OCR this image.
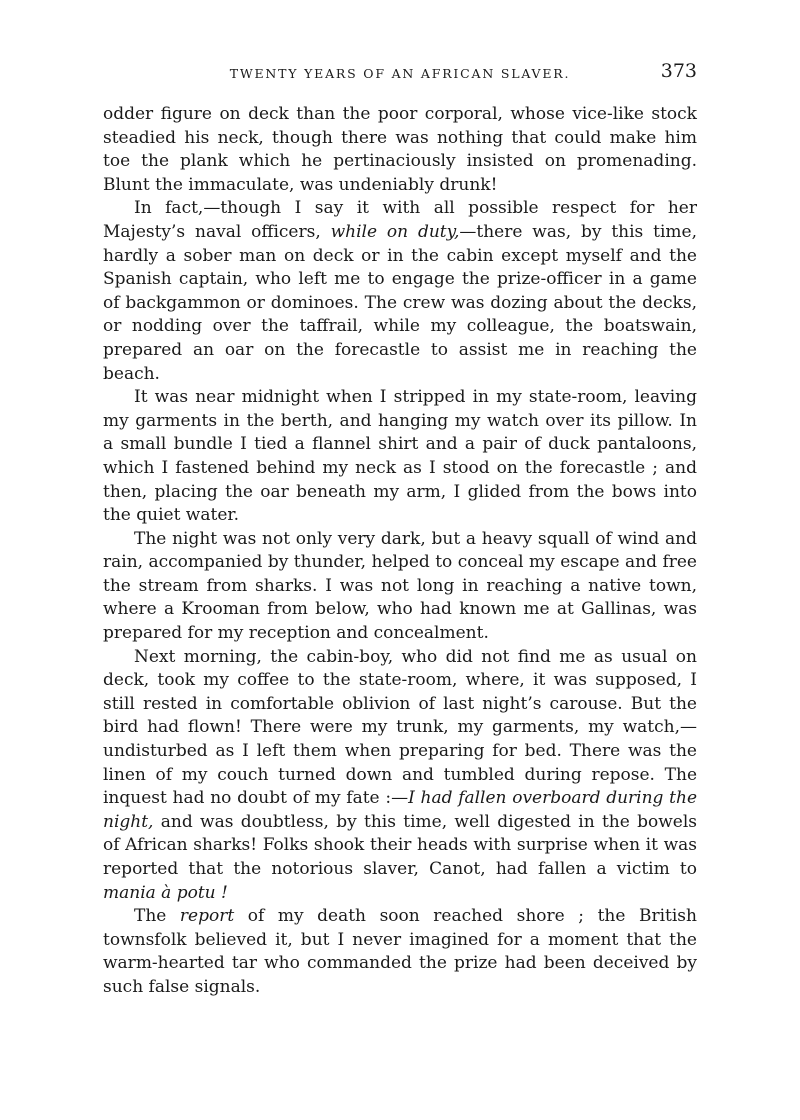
TWENTY YEARS OF AN AFRICAN SLAVER.	373

odder figure on deck than the poor corporal, whose vice-like stock steadied his neck, though there was nothing that could make him toe the plank which he pertinaciously insisted on promenading. Blunt the immaculate, was undeniably drunk!

In fact,—though I say it with all possible respect for her Majesty’s naval officers, while on duty,—there was, by this time, hardly a sober man on deck or in the cabin except myself and the Spanish captain, who left me to engage the prize-officer in a game of backgammon or dominoes. The crew was dozing about the decks, or nodding over the taffrail, while my colleague, the boatswain, prepared an oar on the forecastle to assist me in reaching the beach.

It was near midnight when I stripped in my state-room, leaving my garments in the berth, and hanging my watch over its pillow. In a small bundle I tied a flannel shirt and a pair of duck pantaloons, which I fastened behind my neck as I stood on the forecastle ; and then, placing the oar beneath my arm, I glided from the bows into the quiet water.

The night was not only very dark, but a heavy squall of wind and rain, accompanied by thunder, helped to conceal my escape and free the stream from sharks. I was not long in reaching a native town, where a Krooman from below, who had known me at Gallinas, was prepared for my reception and concealment.

Next morning, the cabin-boy, who did not find me as usual on deck, took my coffee to the state-room, where, it was supposed, I still rested in comfortable oblivion of last night’s carouse. But the bird had flown! There were my trunk, my garments, my watch,—undisturbed as I left them when preparing for bed. There was the linen of my couch turned down and tumbled during repose. The inquest had no doubt of my fate :—I had fallen overboard during the night, and was doubtless, by this time, well digested in the bowels of African sharks! Folks shook their heads with surprise when it was reported that the notorious slaver, Canot, had fallen a victim to mania à potu !

The report of my death soon reached shore ; the British townsfolk believed it, but I never imagined for a moment that the warm-hearted tar who commanded the prize had been deceived by such false signals.
